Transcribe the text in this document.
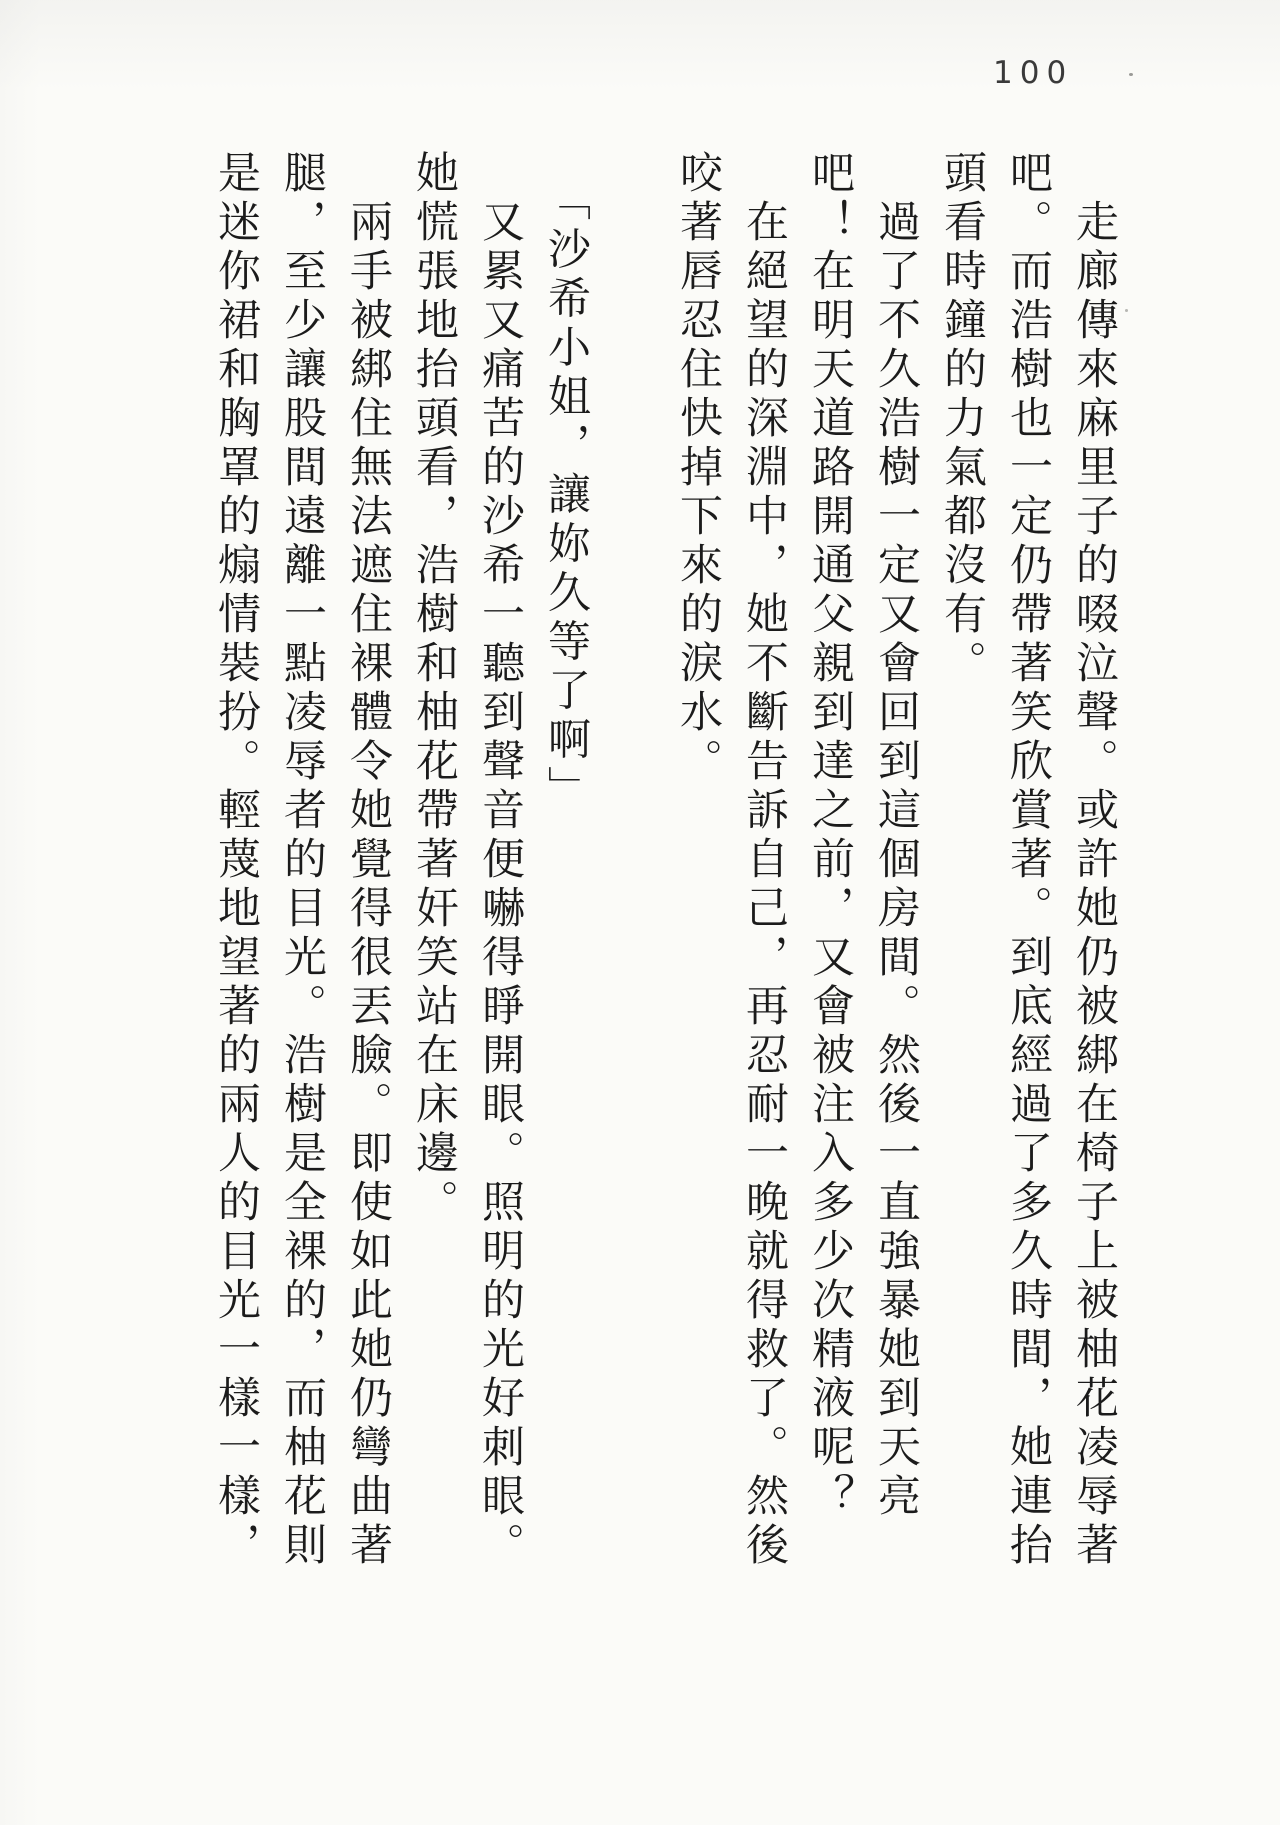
100
　走廊傳來麻里子的啜泣聲。或許她仍被綁在椅子上被柚花凌辱著
吧。而浩樹也一定仍帶著笑欣賞著。到底經過了多久時間，她連抬
頭看時鐘的力氣都沒有。
　過了不久浩樹一定又會回到這個房間。然後一直強暴她到天亮
吧！在明天道路開通父親到達之前，又會被注入多少次精液呢？
　在絕望的深淵中，她不斷告訴自己，再忍耐一晚就得救了。然後
咬著唇忍住快掉下來的淚水。
　「沙希小姐，讓妳久等了啊」
　又累又痛苦的沙希一聽到聲音便嚇得睜開眼。照明的光好刺眼。
她慌張地抬頭看，浩樹和柚花帶著奸笑站在床邊。
　兩手被綁住無法遮住裸體令她覺得很丟臉。即使如此她仍彎曲著
腿，至少讓股間遠離一點凌辱者的目光。浩樹是全裸的，而柚花則
是迷你裙和胸罩的煽情裝扮。輕蔑地望著的兩人的目光一樣一樣，
